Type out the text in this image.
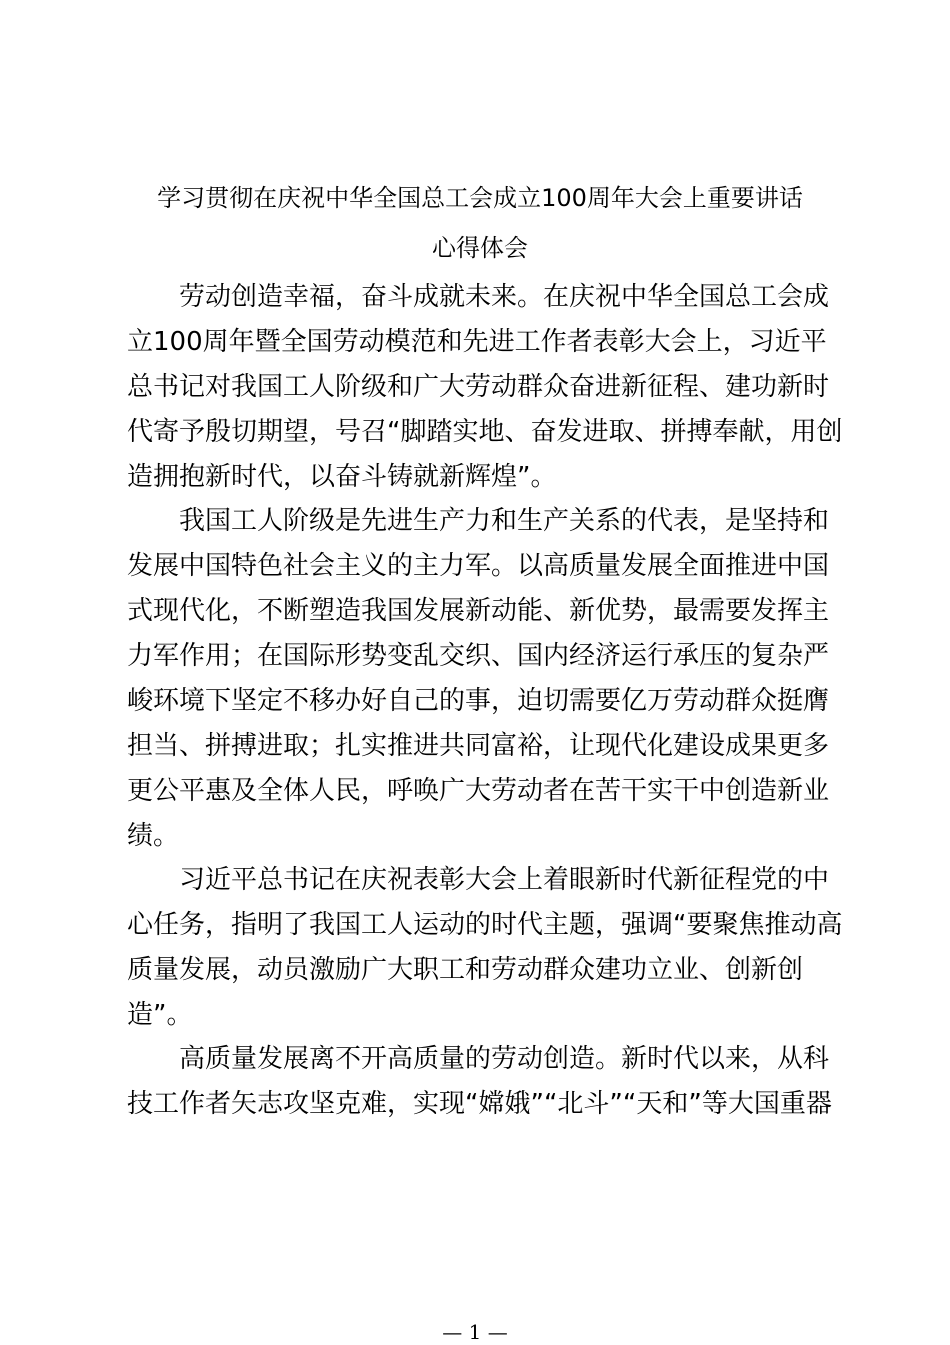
学习贯彻在庆祝中华全国总工会成立100周年大会上重要讲话
心得体会
　　劳动创造幸福，奋斗成就未来。在庆祝中华全国总工会成
立100周年暨全国劳动模范和先进工作者表彰大会上，习近平
总书记对我国工人阶级和广大劳动群众奋进新征程、建功新时
代寄予殷切期望，号召“脚踏实地、奋发进取、拼搏奉献，用创
造拥抱新时代，以奋斗铸就新辉煌”。
　　我国工人阶级是先进生产力和生产关系的代表，是坚持和
发展中国特色社会主义的主力军。以高质量发展全面推进中国
式现代化，不断塑造我国发展新动能、新优势，最需要发挥主
力军作用；在国际形势变乱交织、国内经济运行承压的复杂严
峻环境下坚定不移办好自己的事，迫切需要亿万劳动群众挺膺
担当、拼搏进取；扎实推进共同富裕，让现代化建设成果更多
更公平惠及全体人民，呼唤广大劳动者在苦干实干中创造新业
绩。
　　习近平总书记在庆祝表彰大会上着眼新时代新征程党的中
心任务，指明了我国工人运动的时代主题，强调“要聚焦推动高
质量发展，动员激励广大职工和劳动群众建功立业、创新创
造”。
　　高质量发展离不开高质量的劳动创造。新时代以来，从科
技工作者矢志攻坚克难，实现“嫦娥”“北斗”“天和”等大国重器
— 1 —
